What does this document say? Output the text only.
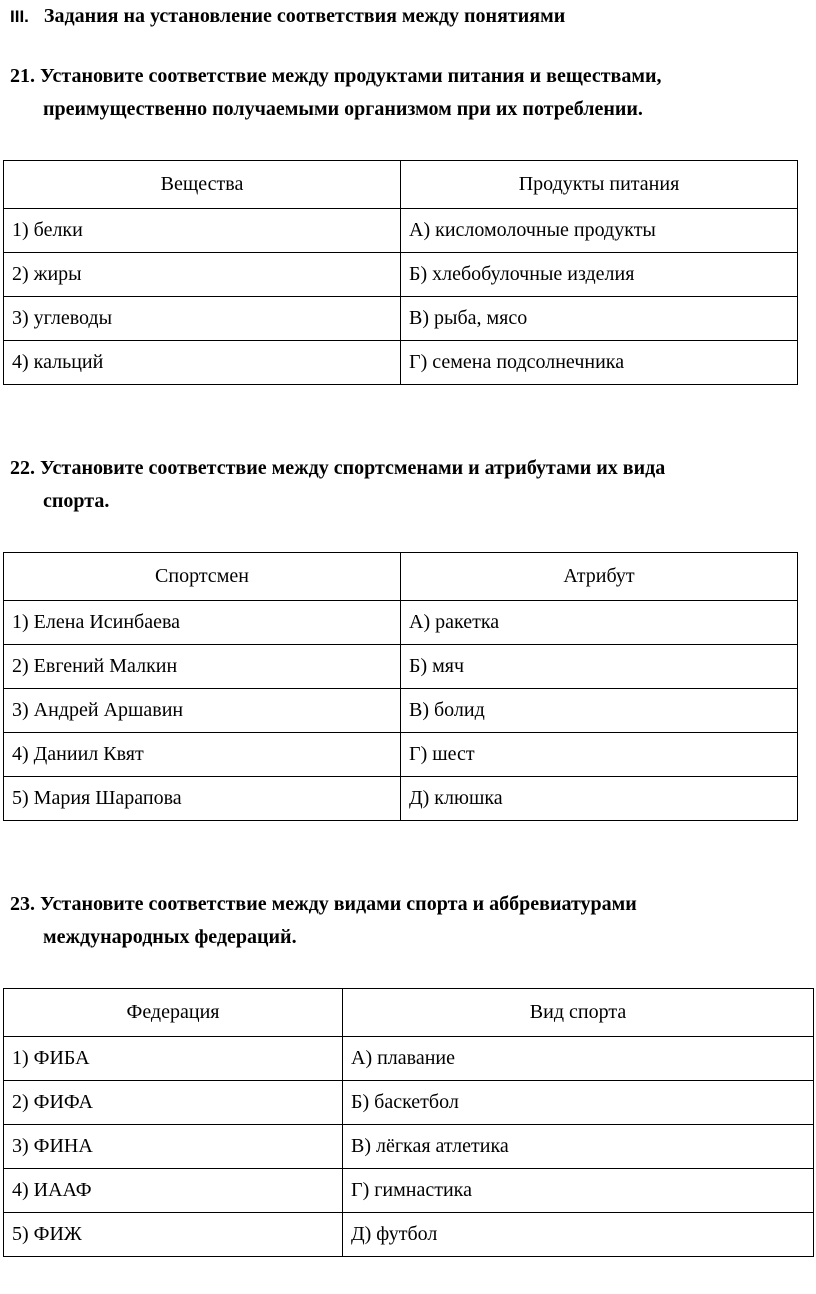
III. Задания на установление соответствия между понятиями
21. Установите соответствие между продуктами питания и веществами,
преимущественно получаемыми организмом при их потреблении.
Вещества	Продукты питания
1) белки	А) кисломолочные продукты
2) жиры	Б) хлебобулочные изделия
3) углеводы	В) рыба, мясо
4) кальций	Г) семена подсолнечника
22. Установите соответствие между спортсменами и атрибутами их вида
спорта.
Спортсмен	Атрибут
1) Елена Исинбаева	А) ракетка
2) Евгений Малкин	Б) мяч
3) Андрей Аршавин	В) болид
4) Даниил Квят	Г) шест
5) Мария Шарапова	Д) клюшка
23. Установите соответствие между видами спорта и аббревиатурами
международных федераций.
Федерация	Вид спорта
1) ФИБА	А) плавание
2) ФИФА	Б) баскетбол
3) ФИНА	В) лёгкая атлетика
4) ИААФ	Г) гимнастика
5) ФИЖ	Д) футбол
